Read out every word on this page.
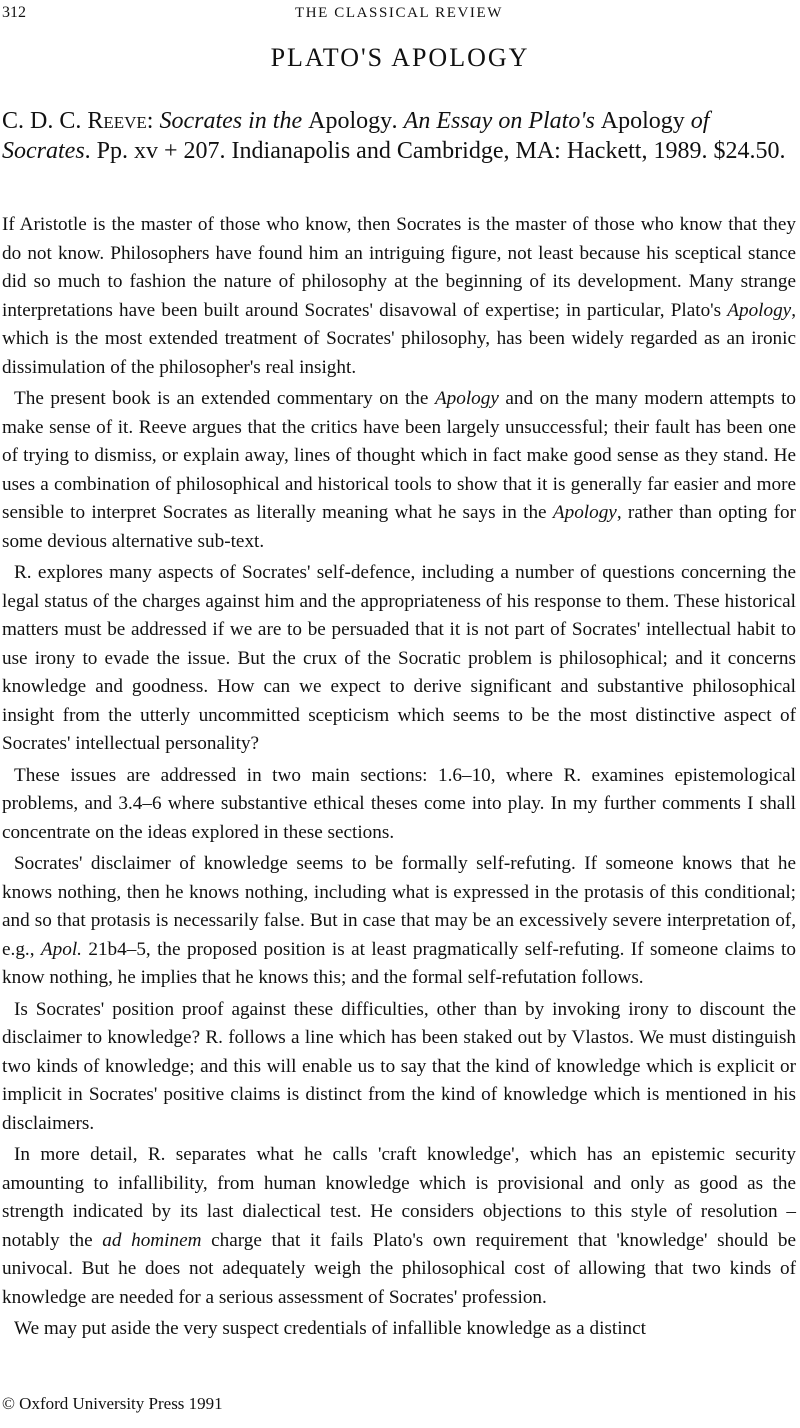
312	THE CLASSICAL REVIEW
PLATO'S APOLOGY
C. D. C. Reeve: Socrates in the Apology. An Essay on Plato's Apology of Socrates. Pp. xv + 207. Indianapolis and Cambridge, MA: Hackett, 1989. $24.50.

If Aristotle is the master of those who know, then Socrates is the master of those who know that they do not know. Philosophers have found him an intriguing figure, not least because his sceptical stance did so much to fashion the nature of philosophy at the beginning of its development. Many strange interpretations have been built around Socrates' disavowal of expertise; in particular, Plato's Apology, which is the most extended treatment of Socrates' philosophy, has been widely regarded as an ironic dissimulation of the philosopher's real insight.

The present book is an extended commentary on the Apology and on the many modern attempts to make sense of it. Reeve argues that the critics have been largely unsuccessful; their fault has been one of trying to dismiss, or explain away, lines of thought which in fact make good sense as they stand. He uses a combination of philosophical and historical tools to show that it is generally far easier and more sensible to interpret Socrates as literally meaning what he says in the Apology, rather than opting for some devious alternative sub-text.

R. explores many aspects of Socrates' self-defence, including a number of questions concerning the legal status of the charges against him and the appropriateness of his response to them. These historical matters must be addressed if we are to be persuaded that it is not part of Socrates' intellectual habit to use irony to evade the issue. But the crux of the Socratic problem is philosophical; and it concerns knowledge and goodness. How can we expect to derive significant and substantive philosophical insight from the utterly uncommitted scepticism which seems to be the most distinctive aspect of Socrates' intellectual personality?

These issues are addressed in two main sections: 1.6–10, where R. examines epistemological problems, and 3.4–6 where substantive ethical theses come into play. In my further comments I shall concentrate on the ideas explored in these sections.

Socrates' disclaimer of knowledge seems to be formally self-refuting. If someone knows that he knows nothing, then he knows nothing, including what is expressed in the protasis of this conditional; and so that protasis is necessarily false. But in case that may be an excessively severe interpretation of, e.g., Apol. 21b4–5, the proposed position is at least pragmatically self-refuting. If someone claims to know nothing, he implies that he knows this; and the formal self-refutation follows.

Is Socrates' position proof against these difficulties, other than by invoking irony to discount the disclaimer to knowledge? R. follows a line which has been staked out by Vlastos. We must distinguish two kinds of knowledge; and this will enable us to say that the kind of knowledge which is explicit or implicit in Socrates' positive claims is distinct from the kind of knowledge which is mentioned in his disclaimers.

In more detail, R. separates what he calls 'craft knowledge', which has an epistemic security amounting to infallibility, from human knowledge which is provisional and only as good as the strength indicated by its last dialectical test. He considers objections to this style of resolution – notably the ad hominem charge that it fails Plato's own requirement that 'knowledge' should be univocal. But he does not adequately weigh the philosophical cost of allowing that two kinds of knowledge are needed for a serious assessment of Socrates' profession.

We may put aside the very suspect credentials of infallible knowledge as a distinct

© Oxford University Press 1991
